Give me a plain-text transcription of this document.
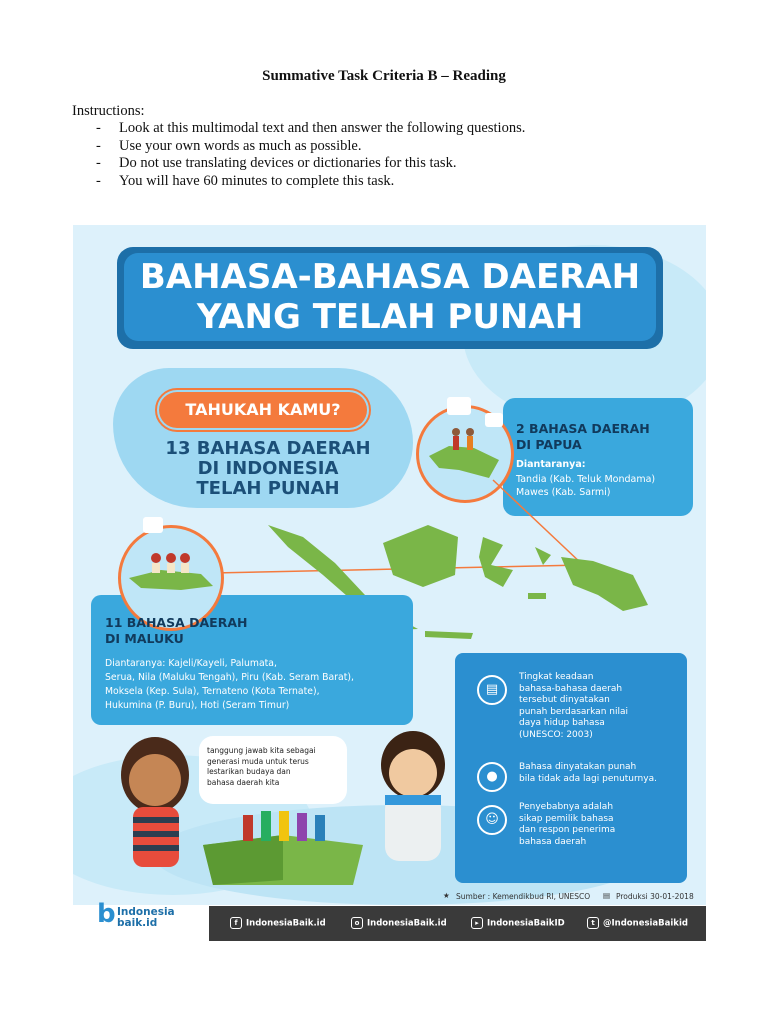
Summative Task Criteria B – Reading
Instructions:
- Look at this multimodal text and then answer the following questions.
- Use your own words as much as possible.
- Do not use translating devices or dictionaries for this task.
- You will have 60 minutes to complete this task.
BAHASA-BAHASA DAERAH
YANG TELAH PUNAH
TAHUKAH KAMU?
13 BAHASA DAERAH
DI INDONESIA
TELAH PUNAH
2 BAHASA DAERAH
DI PAPUA
Diantaranya:
Tandia (Kab. Teluk Mondama)
Mawes (Kab. Sarmi)
11 BAHASA DAERAH
DI MALUKU
Diantaranya: Kajeli/Kayeli, Palumata,
Serua, Nila (Maluku Tengah), Piru (Kab. Seram Barat),
Moksela (Kep. Sula), Ternateno (Kota Ternate),
Hukumina (P. Buru), Hoti (Seram Timur)
▤
Tingkat keadaan
bahasa-bahasa daerah
tersebut dinyatakan
punah berdasarkan nilai
daya hidup bahasa
(UNESCO: 2003)
●
Bahasa dinyatakan punah
bila tidak ada lagi penuturnya.
☺
Penyebabnya adalah
sikap pemilik bahasa
dan respon penerima
bahasa daerah
tanggung jawab kita sebagai
generasi muda untuk terus
lestarikan budaya dan
bahasa daerah kita
★ Sumber : Kemendikbud RI, UNESCO ▤ Produksi 30-01-2018
b Indonesia
baik.id	f IndonesiaBaik.id	o IndonesiaBaik.id	▸ IndonesiaBaikID	t @IndonesiaBaikid
